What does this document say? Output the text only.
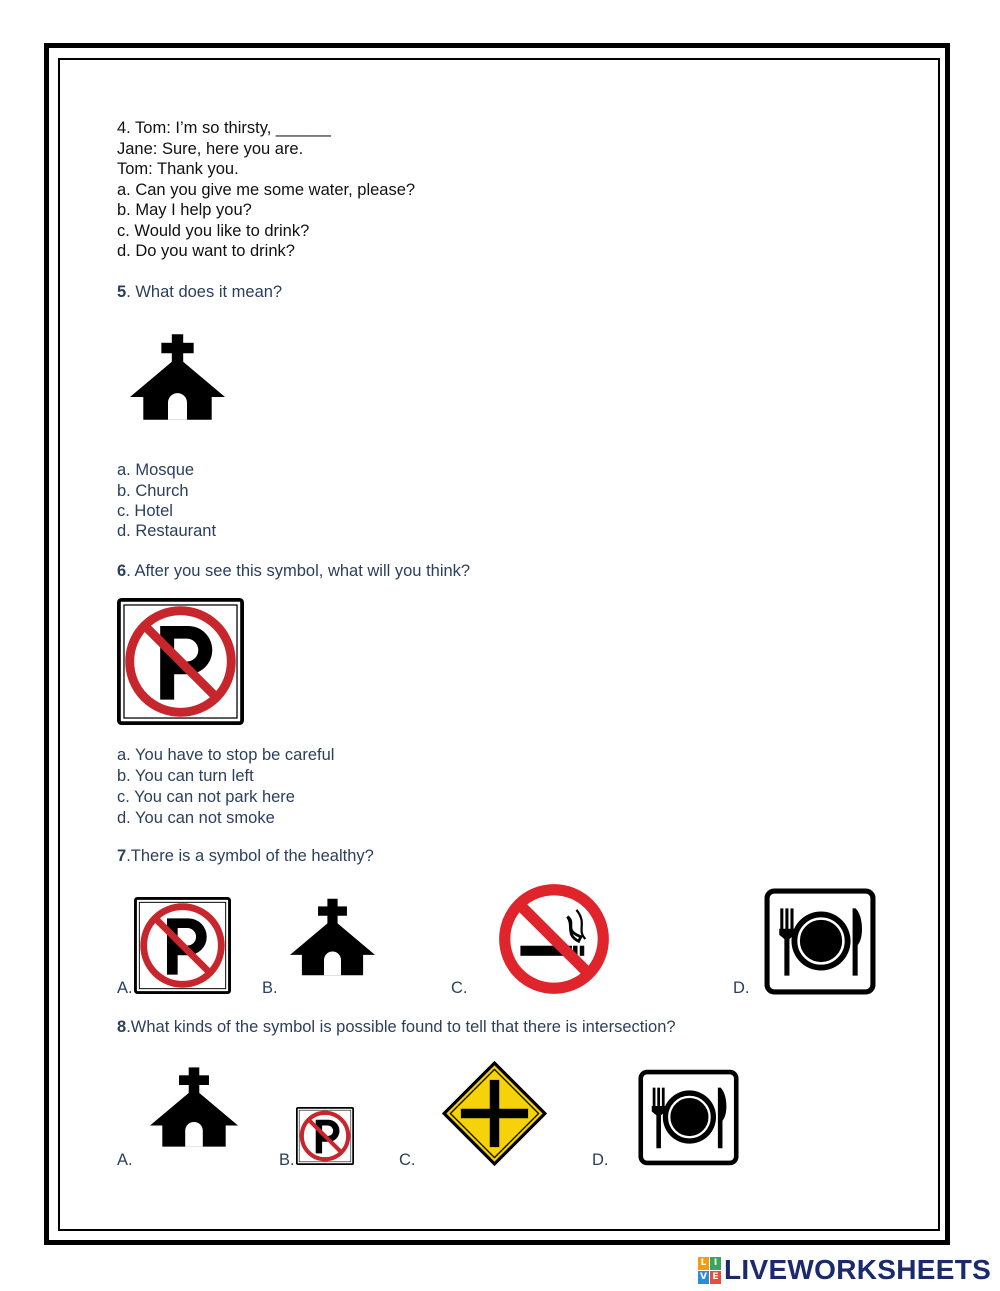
4. Tom: I’m so thirsty, ______
Jane: Sure, here you are.
Tom: Thank you.
a. Can you give me some water, please?
b. May I help you?
c. Would you like to drink?
d. Do you want to drink?
5. What does it mean?
a. Mosque
b. Church
c. Hotel
d. Restaurant
6. After you see this symbol, what will you think?
a. You have to stop be careful
b. You can turn left
c. You can not park here
d. You can not smoke
7.There is a symbol of the healthy?
A.	B.	C.	D.
8.What kinds of the symbol is possible found to tell that there is intersection?
A.	B.	C.	D.
L I
V E LIVEWORKSHEETS
